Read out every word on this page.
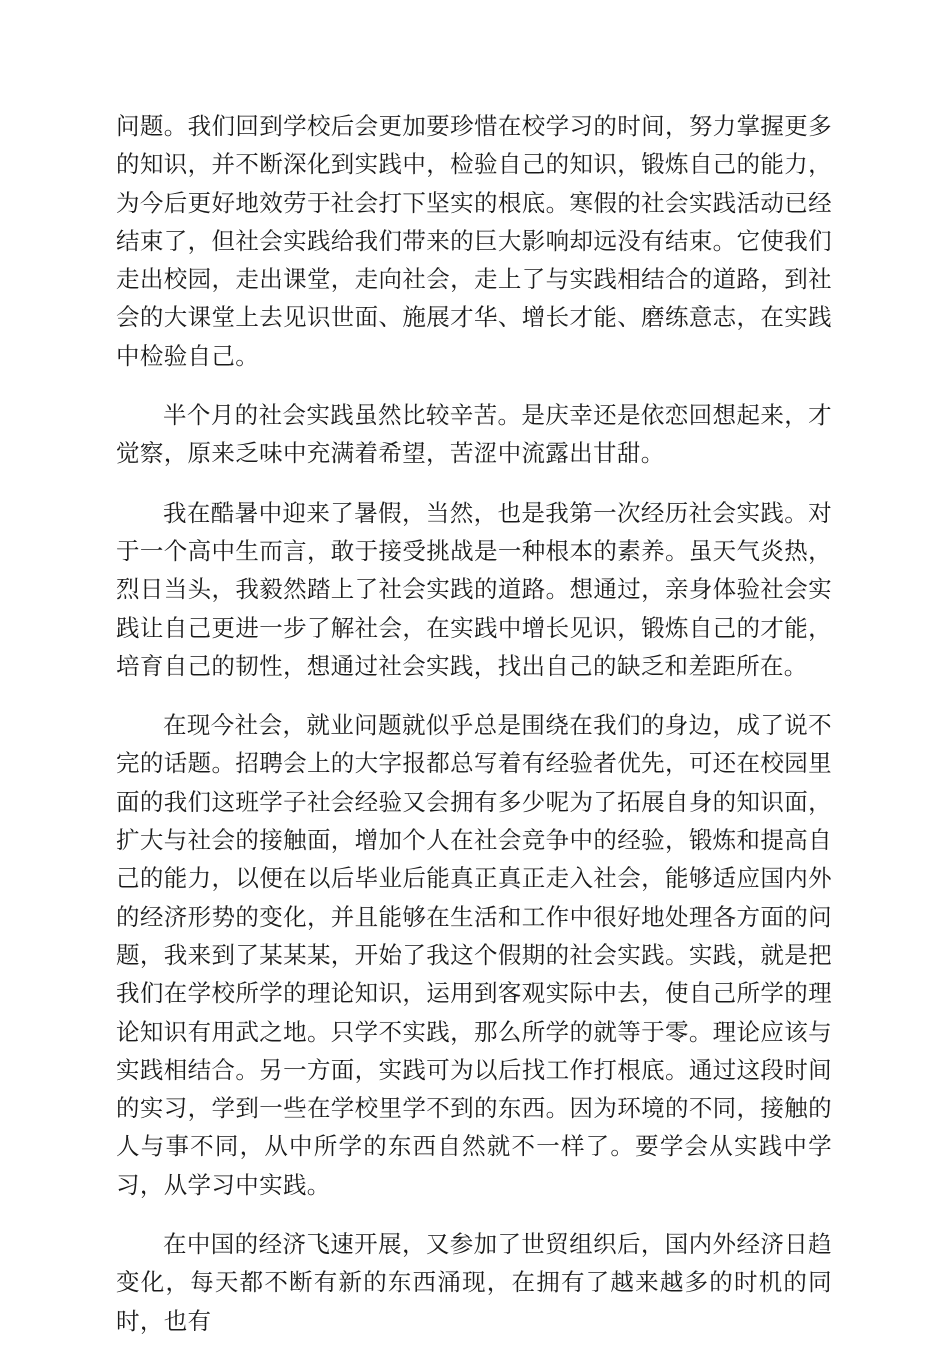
问题。我们回到学校后会更加要珍惜在校学习的时间，努力掌握更多的知识，并不断深化到实践中，检验自己的知识，锻炼自己的能力，为今后更好地效劳于社会打下坚实的根底。寒假的社会实践活动已经结束了，但社会实践给我们带来的巨大影响却远没有结束。它使我们走出校园，走出课堂，走向社会，走上了与实践相结合的道路，到社会的大课堂上去见识世面、施展才华、增长才能、磨练意志，在实践中检验自己。

半个月的社会实践虽然比较辛苦。是庆幸还是依恋回想起来，才觉察，原来乏味中充满着希望，苦涩中流露出甘甜。

我在酷暑中迎来了暑假，当然，也是我第一次经历社会实践。对于一个高中生而言，敢于接受挑战是一种根本的素养。虽天气炎热，烈日当头，我毅然踏上了社会实践的道路。想通过，亲身体验社会实践让自己更进一步了解社会，在实践中增长见识，锻炼自己的才能，培育自己的韧性，想通过社会实践，找出自己的缺乏和差距所在。

在现今社会，就业问题就似乎总是围绕在我们的身边，成了说不完的话题。招聘会上的大字报都总写着有经验者优先，可还在校园里面的我们这班学子社会经验又会拥有多少呢为了拓展自身的知识面，扩大与社会的接触面，增加个人在社会竞争中的经验，锻炼和提高自己的能力，以便在以后毕业后能真正真正走入社会，能够适应国内外的经济形势的变化，并且能够在生活和工作中很好地处理各方面的问题，我来到了某某某，开始了我这个假期的社会实践。实践，就是把我们在学校所学的理论知识，运用到客观实际中去，使自己所学的理论知识有用武之地。只学不实践，那么所学的就等于零。理论应该与实践相结合。另一方面，实践可为以后找工作打根底。通过这段时间的实习，学到一些在学校里学不到的东西。因为环境的不同，接触的人与事不同，从中所学的东西自然就不一样了。要学会从实践中学习，从学习中实践。

在中国的经济飞速开展，又参加了世贸组织后，国内外经济日趋变化，每天都不断有新的东西涌现，在拥有了越来越多的时机的同时，也有
